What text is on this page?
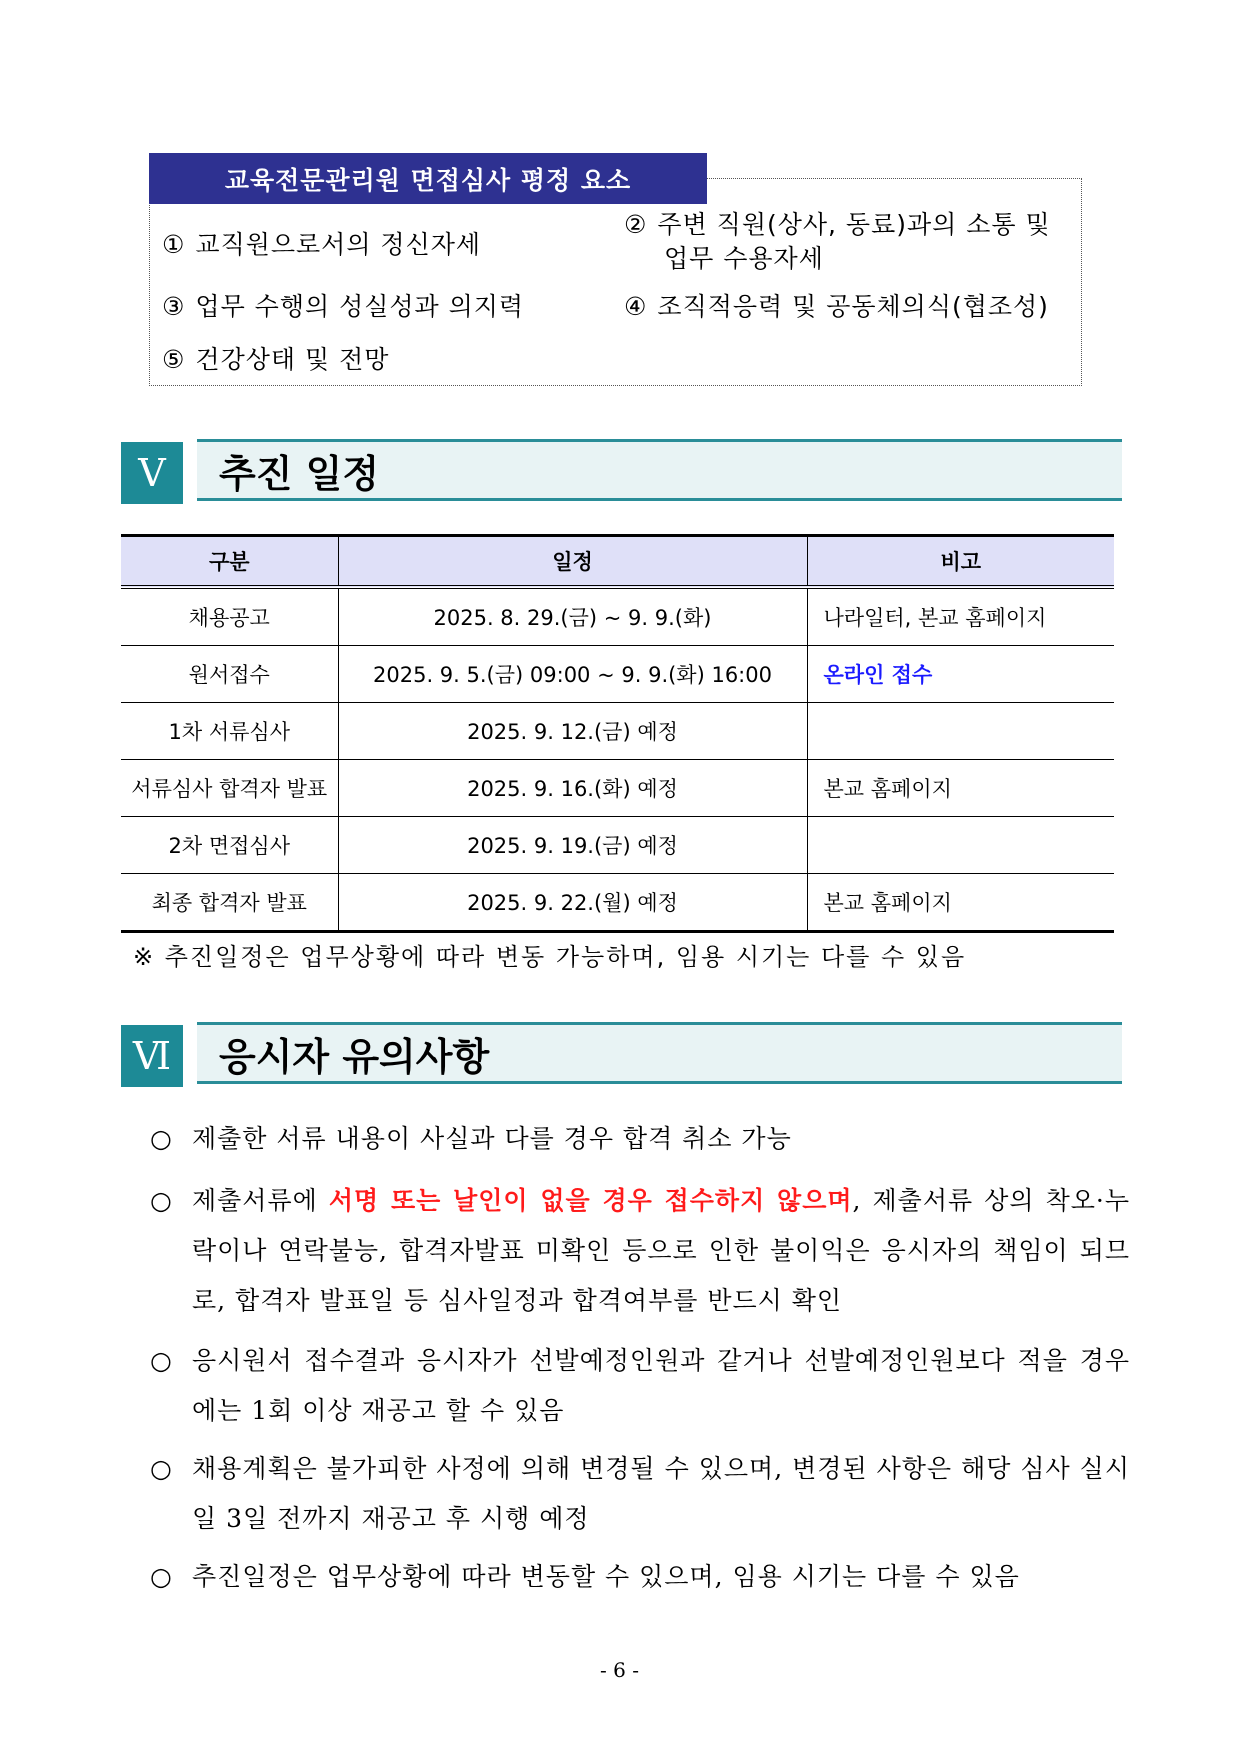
교육전문관리원 면접심사 평정 요소
① 교직원으로서의 정신자세
② 주변 직원(상사, 동료)과의 소통 및
업무 수용자세
③ 업무 수행의 성실성과 의지력	④ 조직적응력 및 공동체의식(협조성)
⑤ 건강상태 및 전망
Ⅴ	추진 일정
구분	일정	비고
채용공고	2025. 8. 29.(금) ~ 9. 9.(화)	나라일터, 본교 홈페이지
원서접수	2025. 9. 5.(금) 09:00 ~ 9. 9.(화) 16:00	온라인 접수
1차 서류심사	2025. 9. 12.(금) 예정	
서류심사 합격자 발표	2025. 9. 16.(화) 예정	본교 홈페이지
2차 면접심사	2025. 9. 19.(금) 예정	
최종 합격자 발표	2025. 9. 22.(월) 예정	본교 홈페이지
※ 추진일정은 업무상황에 따라 변동 가능하며, 임용 시기는 다를 수 있음
Ⅵ	응시자 유의사항
○ 제출한 서류 내용이 사실과 다를 경우 합격 취소 가능
○ 제출서류에 서명 또는 날인이 없을 경우 접수하지 않으며, 제출서류 상의 착오·누락이나 연락불능, 합격자발표 미확인 등으로 인한 불이익은 응시자의 책임이 되므로, 합격자 발표일 등 심사일정과 합격여부를 반드시 확인
○ 응시원서 접수결과 응시자가 선발예정인원과 같거나 선발예정인원보다 적을 경우에는 1회 이상 재공고 할 수 있음
○ 채용계획은 불가피한 사정에 의해 변경될 수 있으며, 변경된 사항은 해당 심사 실시일 3일 전까지 재공고 후 시행 예정
○ 추진일정은 업무상황에 따라 변동할 수 있으며, 임용 시기는 다를 수 있음
- 6 -
